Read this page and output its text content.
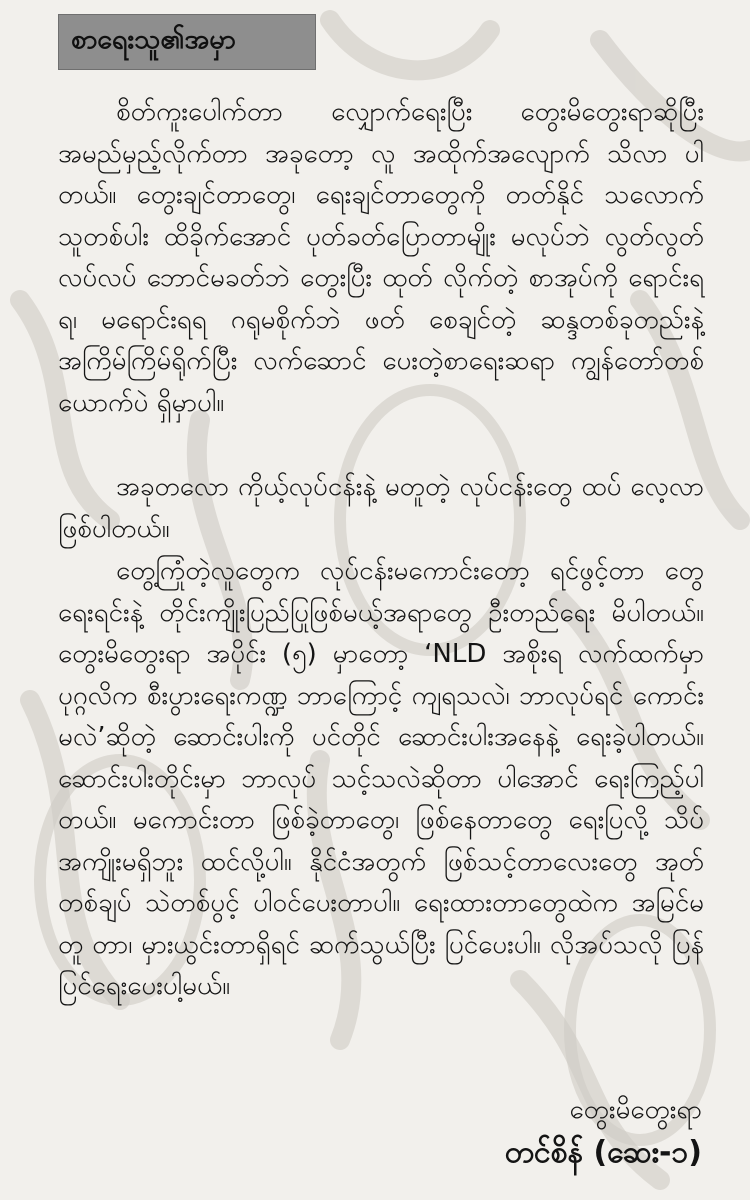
စာရေးသူ၏အမှာ

စိတ်ကူးပေါက်တာ လျှောက်ရေးပြီး တွေးမိတွေးရာဆိုပြီး အမည်မှည့်လိုက်တာ အခုတော့ လူ အထိုက်အလျောက် သိလာ ပါတယ်။ တွေးချင်တာတွေ၊ ရေးချင်တာတွေကို တတ်နိုင် သလောက် သူတစ်ပါး ထိခိုက်အောင် ပုတ်ခတ်ပြောတာမျိုး မလုပ်ဘဲ လွတ်လွတ်လပ်လပ် ဘောင်မခတ်ဘဲ တွေးပြီး ထုတ် လိုက်တဲ့ စာအုပ်ကို ရောင်းရရ၊ မရောင်းရရ ဂရုမစိုက်ဘဲ ဖတ် စေချင်တဲ့ ဆန္ဒတစ်ခုတည်းနဲ့ အကြိမ်ကြိမ်ရိုက်ပြီး လက်ဆောင် ပေးတဲ့စာရေးဆရာ ကျွန်တော်တစ်ယောက်ပဲ ရှိမှာပါ။

အခုတလော ကိုယ့်လုပ်ငန်းနဲ့ မတူတဲ့ လုပ်ငန်းတွေ ထပ် လေ့လာဖြစ်ပါတယ်။

တွေ့ကြုံတဲ့လူတွေက လုပ်ငန်းမကောင်းတော့ ရင်ဖွင့်တာ တွေ ရေးရင်းနဲ့ တိုင်းကျိုးပြည်ပြုဖြစ်မယ့်အရာတွေ ဦးတည်ရေး မိပါတယ်။ တွေးမိတွေးရာ အပိုင်း (၅) မှာတော့ ‘NLD အစိုးရ လက်ထက်မှာ ပုဂ္ဂလိက စီးပွားရေးကဏ္ဍ ဘာကြောင့် ကျရသလဲ၊ ဘာလုပ်ရင် ကောင်းမလဲ’ဆိုတဲ့ ဆောင်းပါးကို ပင်တိုင် ဆောင်းပါးအနေနဲ့ ရေးခဲ့ပါတယ်။ ဆောင်းပါးတိုင်းမှာ ဘာလုပ် သင့်သလဲဆိုတာ ပါအောင် ရေးကြည့်ပါတယ်။ မကောင်းတာ ဖြစ်ခဲ့တာတွေ၊ ဖြစ်နေတာတွေ ရေးပြလို့ သိပ်အကျိုးမရှိဘူး ထင်လို့ပါ။ နိုင်ငံအတွက် ဖြစ်သင့်တာလေးတွေ အုတ်တစ်ချပ် သဲတစ်ပွင့် ပါဝင်ပေးတာပါ။ ရေးထားတာတွေထဲက အမြင်မတူ တာ၊ မှားယွင်းတာရှိရင် ဆက်သွယ်ပြီး ပြင်ပေးပါ။ လိုအပ်သလို ပြန်ပြင်ရေးပေးပါ့မယ်။

တွေးမိတွေးရာ
တင်စိန် (ဆေး-၁)
